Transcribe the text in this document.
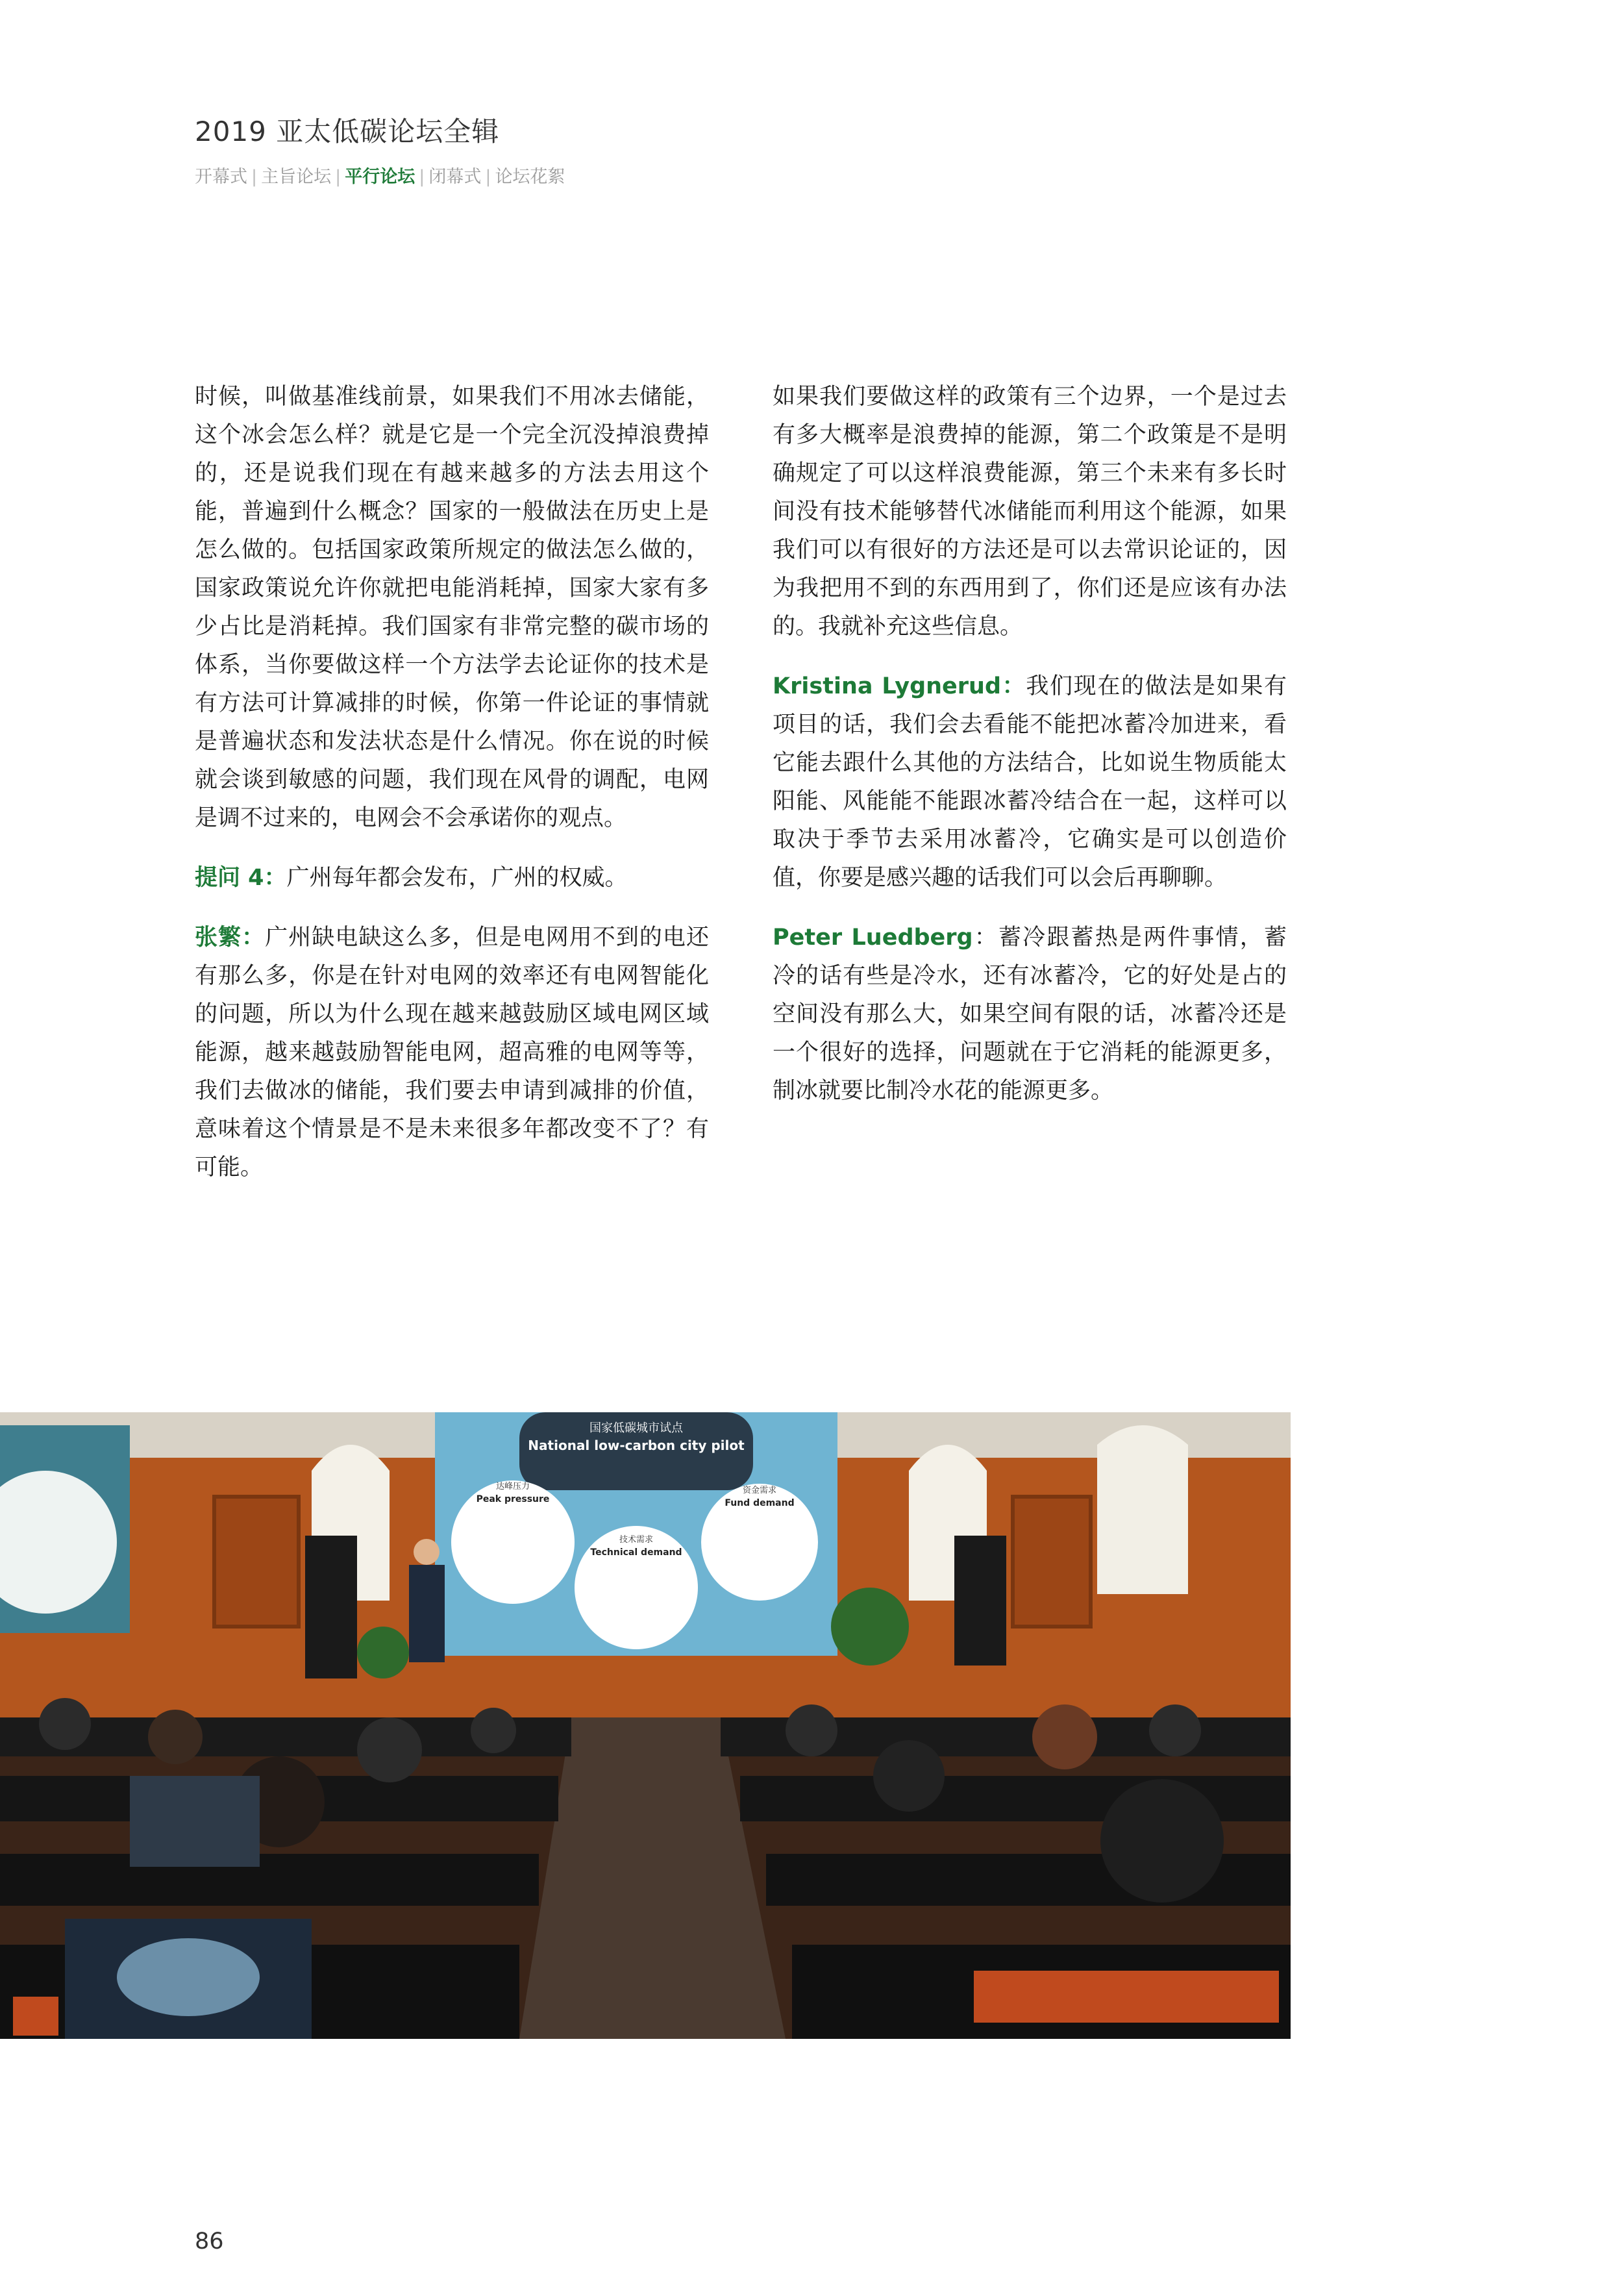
2019 亚太低碳论坛全辑
开幕式 | 主旨论坛 | 平行论坛 | 闭幕式 | 论坛花絮

时候，叫做基准线前景，如果我们不用冰去储能，这个冰会怎么样？就是它是一个完全沉没掉浪费掉的，还是说我们现在有越来越多的方法去用这个能，普遍到什么概念？国家的一般做法在历史上是怎么做的。包括国家政策所规定的做法怎么做的，国家政策说允许你就把电能消耗掉，国家大家有多少占比是消耗掉。我们国家有非常完整的碳市场的体系，当你要做这样一个方法学去论证你的技术是有方法可计算减排的时候，你第一件论证的事情就是普遍状态和发法状态是什么情况。你在说的时候就会谈到敏感的问题，我们现在风骨的调配，电网是调不过来的，电网会不会承诺你的观点。

提问 4：广州每年都会发布，广州的权威。

张繁：广州缺电缺这么多，但是电网用不到的电还有那么多，你是在针对电网的效率还有电网智能化的问题，所以为什么现在越来越鼓励区域电网区域能源，越来越鼓励智能电网，超高雅的电网等等，我们去做冰的储能，我们要去申请到减排的价值，意味着这个情景是不是未来很多年都改变不了？有可能。

如果我们要做这样的政策有三个边界，一个是过去有多大概率是浪费掉的能源，第二个政策是不是明确规定了可以这样浪费能源，第三个未来有多长时间没有技术能够替代冰储能而利用这个能源，如果我们可以有很好的方法还是可以去常识论证的，因为我把用不到的东西用到了，你们还是应该有办法的。我就补充这些信息。

Kristina Lygnerud：我们现在的做法是如果有项目的话，我们会去看能不能把冰蓄冷加进来，看它能去跟什么其他的方法结合，比如说生物质能太阳能、风能能不能跟冰蓄冷结合在一起，这样可以取决于季节去采用冰蓄冷，它确实是可以创造价值，你要是感兴趣的话我们可以会后再聊聊。

Peter Luedberg：蓄冷跟蓄热是两件事情，蓄冷的话有些是冷水，还有冰蓄冷，它的好处是占的空间没有那么大，如果空间有限的话，冰蓄冷还是一个很好的选择，问题就在于它消耗的能源更多，制冰就要比制冷水花的能源更多。

国家低碳城市试点
National low-carbon city pilot
达峰压力
Peak pressure
技术需求
Technical demand
资金需求
Fund demand
86
